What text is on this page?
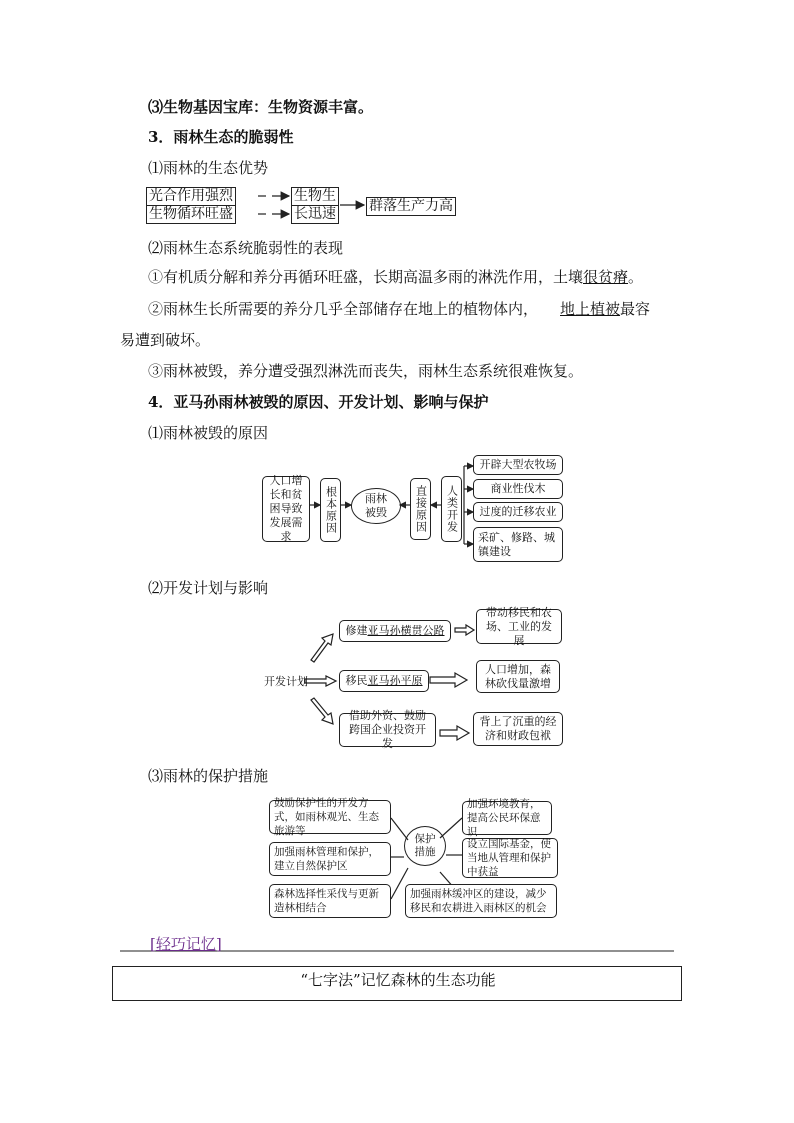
⑶生物基因宝库：生物资源丰富。
3．雨林生态的脆弱性
⑴雨林的生态优势
光合作用强烈
生物循环旺盛
生物生
长迅速 群落生产力高
⑵雨林生态系统脆弱性的表现
①有机质分解和养分再循环旺盛，长期高温多雨的淋洗作用，土壤很贫瘠。
②雨林生长所需要的养分几乎全部储存在地上的植物体内， 地上植被最容
易遭到破坏。
③雨林被毁，养分遭受强烈淋洗而丧失，雨林生态系统很难恢复。
4．亚马孙雨林被毁的原因、开发计划、影响与保护
⑴雨林被毁的原因
人口增长和贫困导致发展需求
根本原因	雨林被毁	直接原因	人类开发
开辟大型农牧场
商业性伐木
过度的迁移农业
采矿、修路、城镇建设
⑵开发计划与影响
开发计划
修建 亚马孙横贯公路
移民 亚马孙平原
借助外资、鼓励跨国企业投资开发
带动移民和农场、工业的发展
人口增加，森林砍伐量激增
背上了沉重的经济和财政包袱
⑶雨林的保护措施
鼓励保护性的开发方式，如雨林观光、生态旅游等
加强雨林管理和保护，建立自然保护区
森林选择性采伐与更新造林相结合
保护措施
加强环境教育，提高公民环保意识
设立国际基金，使当地从管理和保护中获益
加强雨林缓冲区的建设，减少移民和农耕进入雨林区的机会
[轻巧记忆]
“七字法”记忆森林的生态功能
